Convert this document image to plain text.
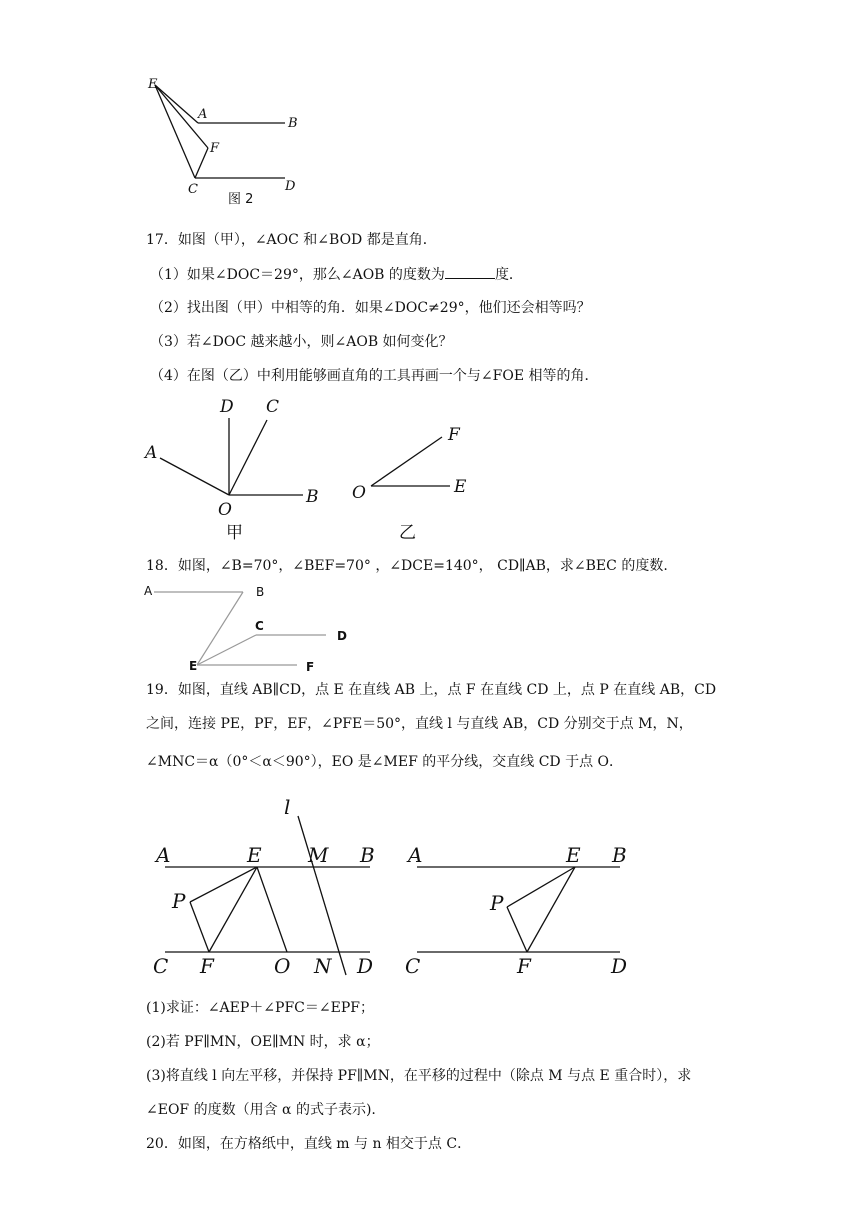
E
A
B
F
C	D
图 2
17．如图（甲），∠AOC 和∠BOD 都是直角．
（1）如果∠DOC＝29°，那么∠AOB 的度数为	度．
（2）找出图（甲）中相等的角．如果∠DOC≠29°，他们还会相等吗？
（3）若∠DOC 越来越小，则∠AOB 如何变化？
（4）在图（乙）中利用能够画直角的工具再画一个与∠FOE 相等的角．
D C
A
O
B
甲
F
O	E
乙
18．如图，∠B=70°，∠BEF=70° ，∠DCE=140°， CD∥AB，求∠BEC 的度数.
A	B
C
D
E	F
19．如图，直线 AB∥CD，点 E 在直线 AB 上，点 F 在直线 CD 上，点 P 在直线 AB，CD
之间，连接 PE，PF，EF，∠PFE＝50°，直线 l 与直线 AB，CD 分别交于点 M，N，
∠MNC＝α（0°＜α＜90°），EO 是∠MEF 的平分线，交直线 CD 于点 O．
l
A	E M B
P
C F	O N D
A	E B
P
C	F	D
(1)求证：∠AEP＋∠PFC＝∠EPF；
(2)若 PF∥MN，OE∥MN 时，求 α；
(3)将直线 l 向左平移，并保持 PF∥MN，在平移的过程中（除点 M 与点 E 重合时），求
∠EOF 的度数（用含 α 的式子表示).
20．如图，在方格纸中，直线 m 与 n 相交于点 C．
